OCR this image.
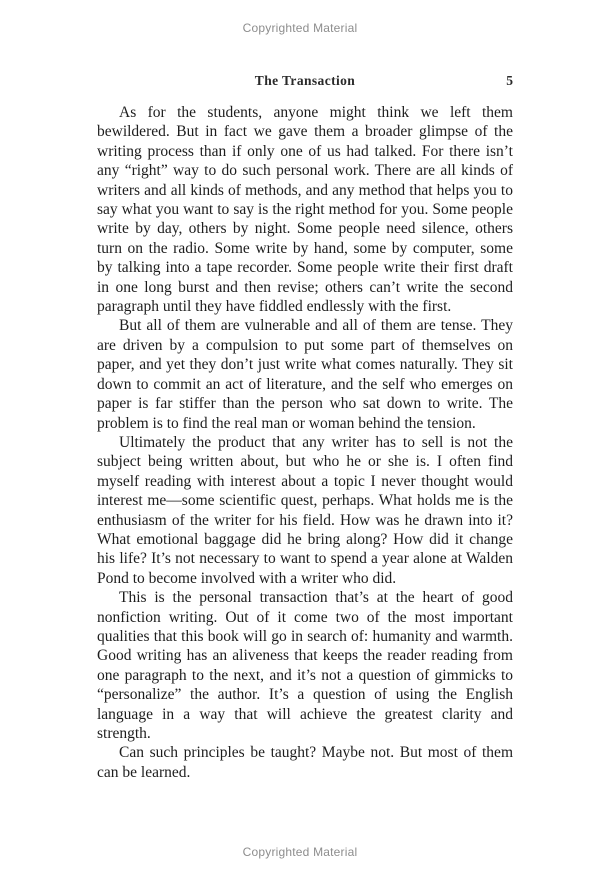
Copyrighted Material
The Transaction	5

As for the students, anyone might think we left them bewildered. But in fact we gave them a broader glimpse of the writing process than if only one of us had talked. For there isn’t any “right” way to do such personal work. There are all kinds of writers and all kinds of methods, and any method that helps you to say what you want to say is the right method for you. Some people write by day, others by night. Some people need silence, others turn on the radio. Some write by hand, some by computer, some by talking into a tape recorder. Some people write their first draft in one long burst and then revise; others can’t write the second paragraph until they have fiddled endlessly with the first.

But all of them are vulnerable and all of them are tense. They are driven by a compulsion to put some part of themselves on paper, and yet they don’t just write what comes naturally. They sit down to commit an act of literature, and the self who emerges on paper is far stiffer than the person who sat down to write. The problem is to find the real man or woman behind the tension.

Ultimately the product that any writer has to sell is not the subject being written about, but who he or she is. I often find myself reading with interest about a topic I never thought would interest me—some scientific quest, perhaps. What holds me is the enthusiasm of the writer for his field. How was he drawn into it? What emotional baggage did he bring along? How did it change his life? It’s not necessary to want to spend a year alone at Walden Pond to become involved with a writer who did.

This is the personal transaction that’s at the heart of good nonfiction writing. Out of it come two of the most important qualities that this book will go in search of: humanity and warmth. Good writing has an aliveness that keeps the reader reading from one paragraph to the next, and it’s not a question of gimmicks to “personalize” the author. It’s a question of using the English language in a way that will achieve the greatest clarity and strength.

Can such principles be taught? Maybe not. But most of them can be learned.

Copyrighted Material
